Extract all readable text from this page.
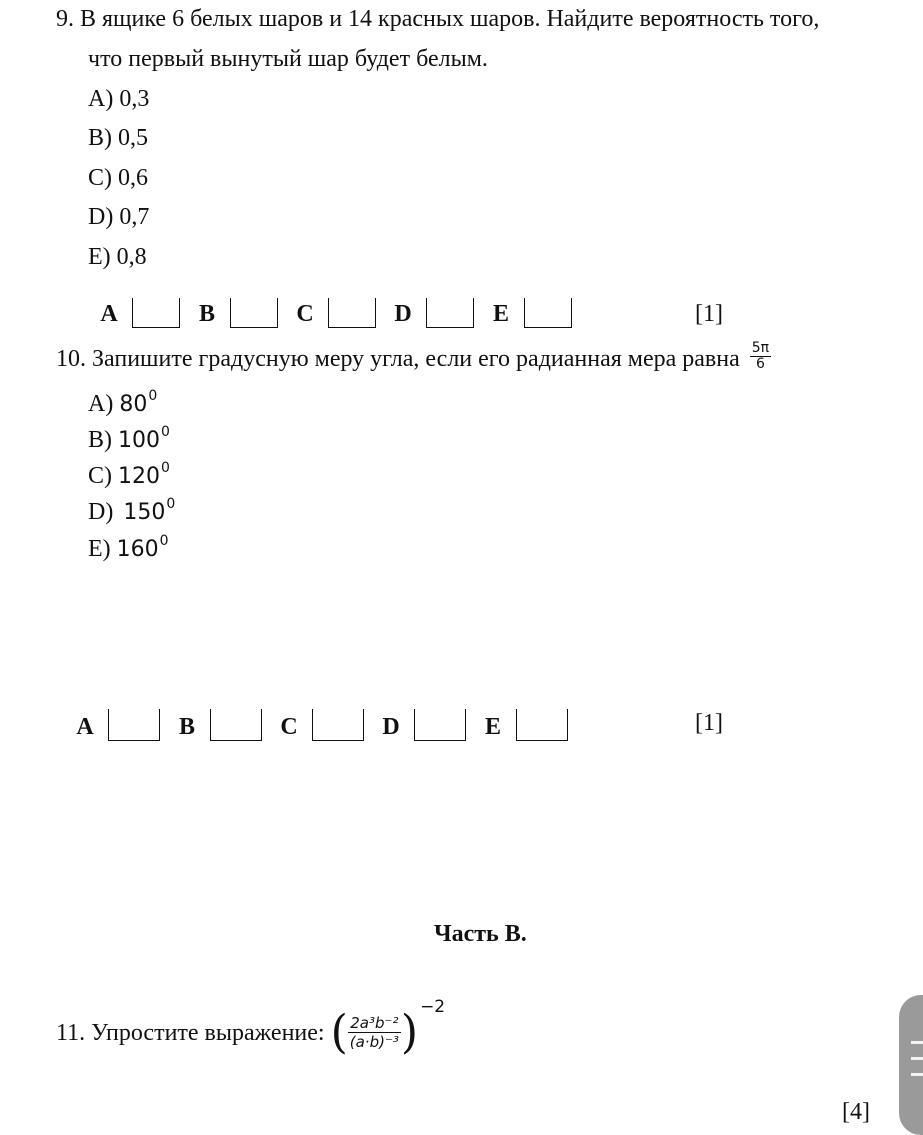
9. В ящике 6 белых шаров и 14 красных шаров. Найдите вероятность того,
что первый вынутый шар будет белым.
A) 0,3
B) 0,5
C) 0,6
D) 0,7
E) 0,8
A	B	C	D	E	[1]
10. Запишите градусную меру угла, если его радианная мера равна $\frac{5\pi}{6}$
A) $80^0$
B) $100^0$
C) $120^0$
D) $150^0$
E) $160^0$
A	B	C	D	E	[1]
Часть B.
11. Упростите выражение: ( $\frac{\text{2a³b⁻²}}{\text{(a·b)⁻³}}$ ) −2
[4]
